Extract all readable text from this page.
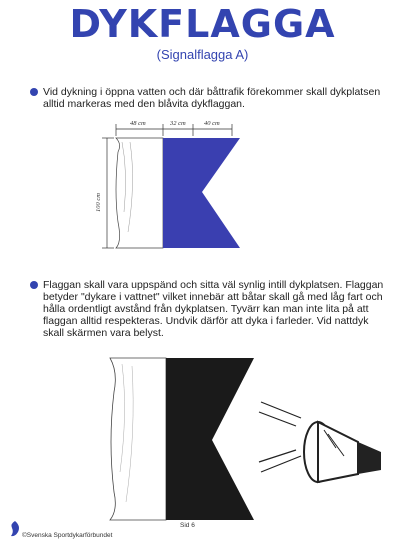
DYKFLAGGA
(Signalflagga A)
Vid dykning i öppna vatten och där båttrafik förekommer skall dykplatsen alltid markeras med den blåvita dykflaggan.
48 cm	32 cm	40 cm
100 cm
Flaggan skall vara uppspänd och sitta väl synlig intill dykplatsen. Flaggan betyder "dykare i vattnet" vilket innebär att båtar skall gå med låg fart och hålla ordentligt avstånd från dykplatsen. Tyvärr kan man inte lita på att flaggan alltid respekteras. Undvik därför att dyka i farleder. Vid nattdyk skall skärmen vara belyst.
©Svenska Sportdykarförbundet
Sid 6
